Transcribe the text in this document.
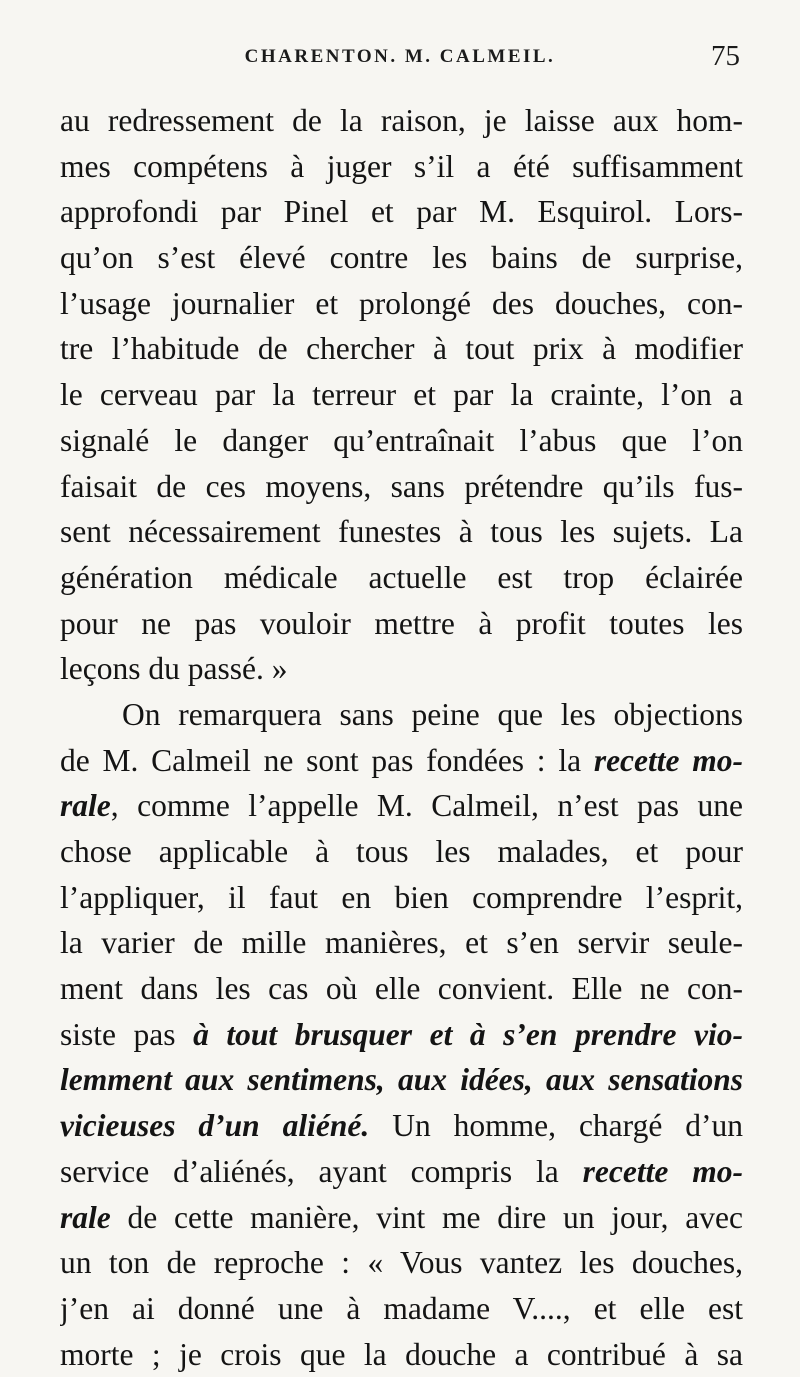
CHARENTON. M. CALMEIL.	75
au redressement de la raison, je laisse aux hom-
mes compétens à juger s’il a été suffisamment
approfondi par Pinel et par M. Esquirol. Lors-
qu’on s’est élevé contre les bains de surprise,
l’usage journalier et prolongé des douches, con-
tre l’habitude de chercher à tout prix à modifier
le cerveau par la terreur et par la crainte, l’on a
signalé le danger qu’entraînait l’abus que l’on
faisait de ces moyens, sans prétendre qu’ils fus-
sent nécessairement funestes à tous les sujets. La
génération médicale actuelle est trop éclairée
pour ne pas vouloir mettre à profit toutes les
leçons du passé. »
On remarquera sans peine que les objections
de M. Calmeil ne sont pas fondées : la recette mo-
rale, comme l’appelle M. Calmeil, n’est pas une
chose applicable à tous les malades, et pour
l’appliquer, il faut en bien comprendre l’esprit,
la varier de mille manières, et s’en servir seule-
ment dans les cas où elle convient. Elle ne con-
siste pas à tout brusquer et à s’en prendre vio-
lemment aux sentimens, aux idées, aux sensations
vicieuses d’un aliéné. Un homme, chargé d’un
service d’aliénés, ayant compris la recette mo-
rale de cette manière, vint me dire un jour, avec
un ton de reproche : « Vous vantez les douches,
j’en ai donné une à madame V...., et elle est
morte ; je crois que la douche a contribué à sa
